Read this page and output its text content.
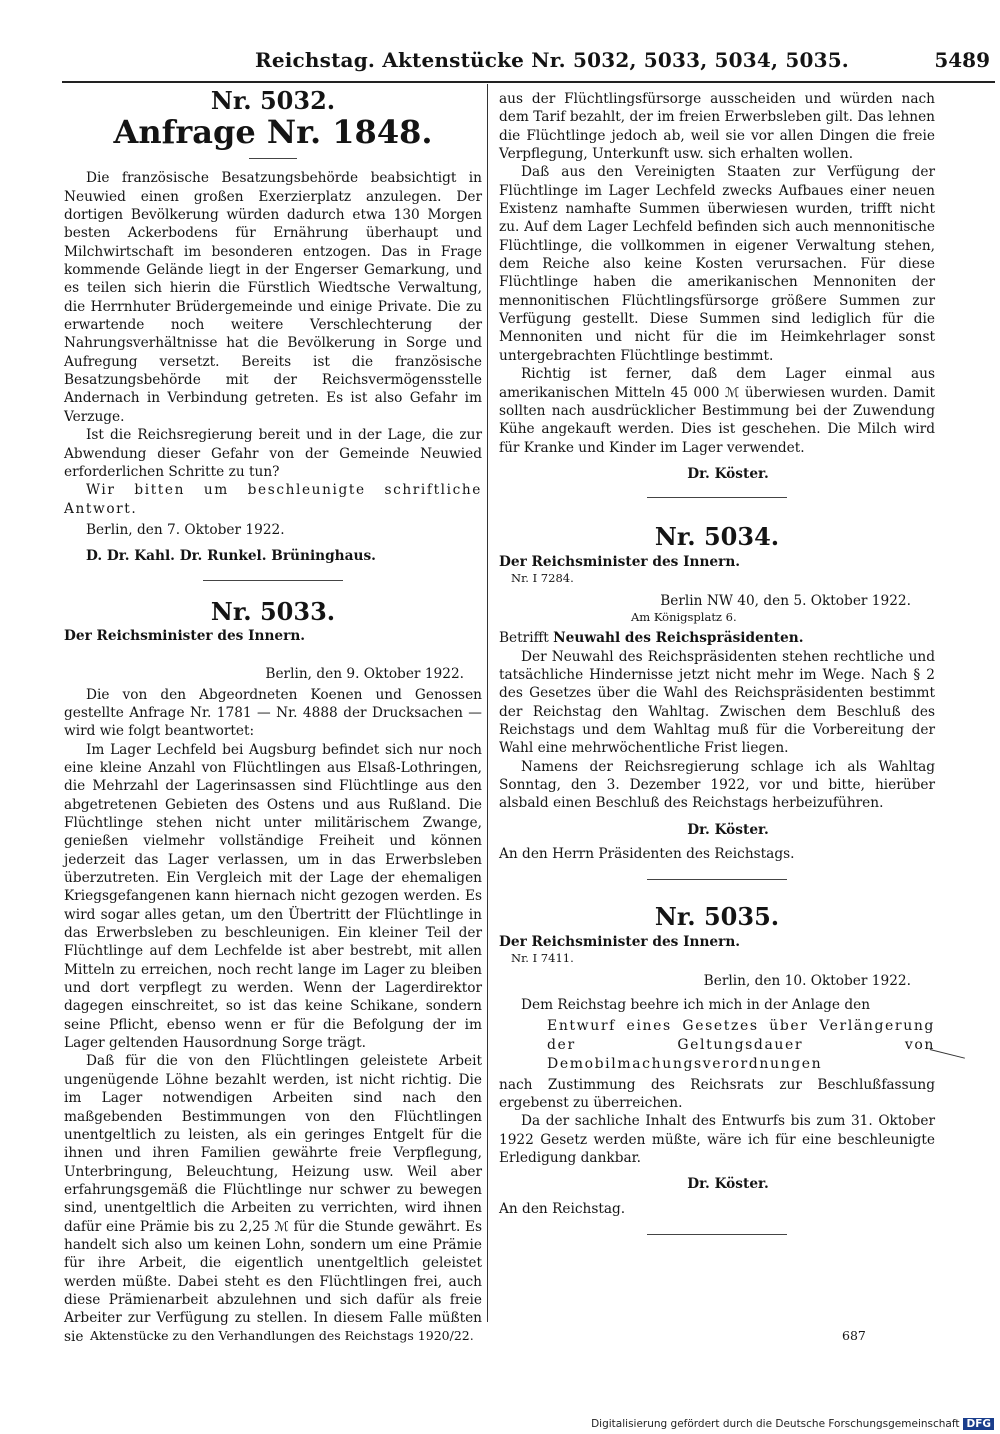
Reichstag. Aktenstücke Nr. 5032, 5033, 5034, 5035.	5489
Nr. 5032.
Anfrage Nr. 1848.

Die französische Besatzungsbehörde beabsichtigt in Neuwied einen großen Exerzierplatz anzulegen. Der dortigen Bevölkerung würden dadurch etwa 130 Morgen besten Ackerbodens für Ernährung überhaupt und Milchwirtschaft im besonderen entzogen. Das in Frage kommende Gelände liegt in der Engerser Gemarkung, und es teilen sich hierin die Fürstlich Wiedtsche Verwaltung, die Herrnhuter Brüdergemeinde und einige Private. Die zu erwartende noch weitere Verschlechterung der Nahrungsverhältnisse hat die Bevölkerung in Sorge und Aufregung versetzt. Bereits ist die französische Besatzungsbehörde mit der Reichsvermögensstelle Andernach in Verbindung getreten. Es ist also Gefahr im Verzuge.

Ist die Reichsregierung bereit und in der Lage, die zur Abwendung dieser Gefahr von der Gemeinde Neuwied erforderlichen Schritte zu tun?

Wir bitten um beschleunigte schriftliche Antwort.

Berlin, den 7. Oktober 1922.

D. Dr. Kahl. Dr. Runkel. Brüninghaus.

Nr. 5033.

Der Reichsminister des Innern.

Berlin, den 9. Oktober 1922.

Die von den Abgeordneten Koenen und Genossen gestellte Anfrage Nr. 1781 — Nr. 4888 der Drucksachen — wird wie folgt beantwortet:

Im Lager Lechfeld bei Augsburg befindet sich nur noch eine kleine Anzahl von Flüchtlingen aus Elsaß-Lothringen, die Mehrzahl der Lagerinsassen sind Flüchtlinge aus den abgetretenen Gebieten des Ostens und aus Rußland. Die Flüchtlinge stehen nicht unter militärischem Zwange, genießen vielmehr vollständige Freiheit und können jederzeit das Lager verlassen, um in das Erwerbsleben überzutreten. Ein Vergleich mit der Lage der ehemaligen Kriegsgefangenen kann hiernach nicht gezogen werden. Es wird sogar alles getan, um den Übertritt der Flüchtlinge in das Erwerbsleben zu beschleunigen. Ein kleiner Teil der Flüchtlinge auf dem Lechfelde ist aber bestrebt, mit allen Mitteln zu erreichen, noch recht lange im Lager zu bleiben und dort verpflegt zu werden. Wenn der Lagerdirektor dagegen einschreitet, so ist das keine Schikane, sondern seine Pflicht, ebenso wenn er für die Befolgung der im Lager geltenden Hausordnung Sorge trägt.

Daß für die von den Flüchtlingen geleistete Arbeit ungenügende Löhne bezahlt werden, ist nicht richtig. Die im Lager notwendigen Arbeiten sind nach den maßgebenden Bestimmungen von den Flüchtlingen unentgeltlich zu leisten, als ein geringes Entgelt für die ihnen und ihren Familien gewährte freie Verpflegung, Unterbringung, Beleuchtung, Heizung usw. Weil aber erfahrungsgemäß die Flüchtlinge nur schwer zu bewegen sind, unentgeltlich die Arbeiten zu verrichten, wird ihnen dafür eine Prämie bis zu 2,25 ℳ für die Stunde gewährt. Es handelt sich also um keinen Lohn, sondern um eine Prämie für ihre Arbeit, die eigentlich unentgeltlich geleistet werden müßte. Dabei steht es den Flüchtlingen frei, auch diese Prämienarbeit abzulehnen und sich dafür als freie Arbeiter zur Verfügung zu stellen. In diesem Falle müßten sie

aus der Flüchtlingsfürsorge ausscheiden und würden nach dem Tarif bezahlt, der im freien Erwerbsleben gilt. Das lehnen die Flüchtlinge jedoch ab, weil sie vor allen Dingen die freie Verpflegung, Unterkunft usw. sich erhalten wollen.

Daß aus den Vereinigten Staaten zur Verfügung der Flüchtlinge im Lager Lechfeld zwecks Aufbaues einer neuen Existenz namhafte Summen überwiesen wurden, trifft nicht zu. Auf dem Lager Lechfeld befinden sich auch mennonitische Flüchtlinge, die vollkommen in eigener Verwaltung stehen, dem Reiche also keine Kosten verursachen. Für diese Flüchtlinge haben die amerikanischen Mennoniten der mennonitischen Flüchtlingsfürsorge größere Summen zur Verfügung gestellt. Diese Summen sind lediglich für die Mennoniten und nicht für die im Heimkehrlager sonst untergebrachten Flüchtlinge bestimmt.

Richtig ist ferner, daß dem Lager einmal aus amerikanischen Mitteln 45 000 ℳ überwiesen wurden. Damit sollten nach ausdrücklicher Bestimmung bei der Zuwendung Kühe angekauft werden. Dies ist geschehen. Die Milch wird für Kranke und Kinder im Lager verwendet.

Dr. Köster.

Nr. 5034.

Der Reichsminister des Innern.

Nr. I 7284.

Berlin NW 40, den 5. Oktober 1922.

Am Königsplatz 6.

Betrifft Neuwahl des Reichspräsidenten.

Der Neuwahl des Reichspräsidenten stehen rechtliche und tatsächliche Hindernisse jetzt nicht mehr im Wege. Nach § 2 des Gesetzes über die Wahl des Reichspräsidenten bestimmt der Reichstag den Wahltag. Zwischen dem Beschluß des Reichstags und dem Wahltag muß für die Vorbereitung der Wahl eine mehrwöchentliche Frist liegen.

Namens der Reichsregierung schlage ich als Wahltag Sonntag, den 3. Dezember 1922, vor und bitte, hierüber alsbald einen Beschluß des Reichstags herbeizuführen.

Dr. Köster.

An den Herrn Präsidenten des Reichstags.

Nr. 5035.

Der Reichsminister des Innern.

Nr. I 7411.

Berlin, den 10. Oktober 1922.

Dem Reichstag beehre ich mich in der Anlage den

Entwurf eines Gesetzes über Verlängerung der Geltungsdauer von Demobilmachungsverordnungen

nach Zustimmung des Reichsrats zur Beschlußfassung ergebenst zu überreichen.

Da der sachliche Inhalt des Entwurfs bis zum 31. Oktober 1922 Gesetz werden müßte, wäre ich für eine beschleunigte Erledigung dankbar.

Dr. Köster.

An den Reichstag.

Aktenstücke zu den Verhandlungen des Reichstags 1920/22.	687
Digitalisierung gefördert durch die Deutsche Forschungsgemeinschaft DFG
